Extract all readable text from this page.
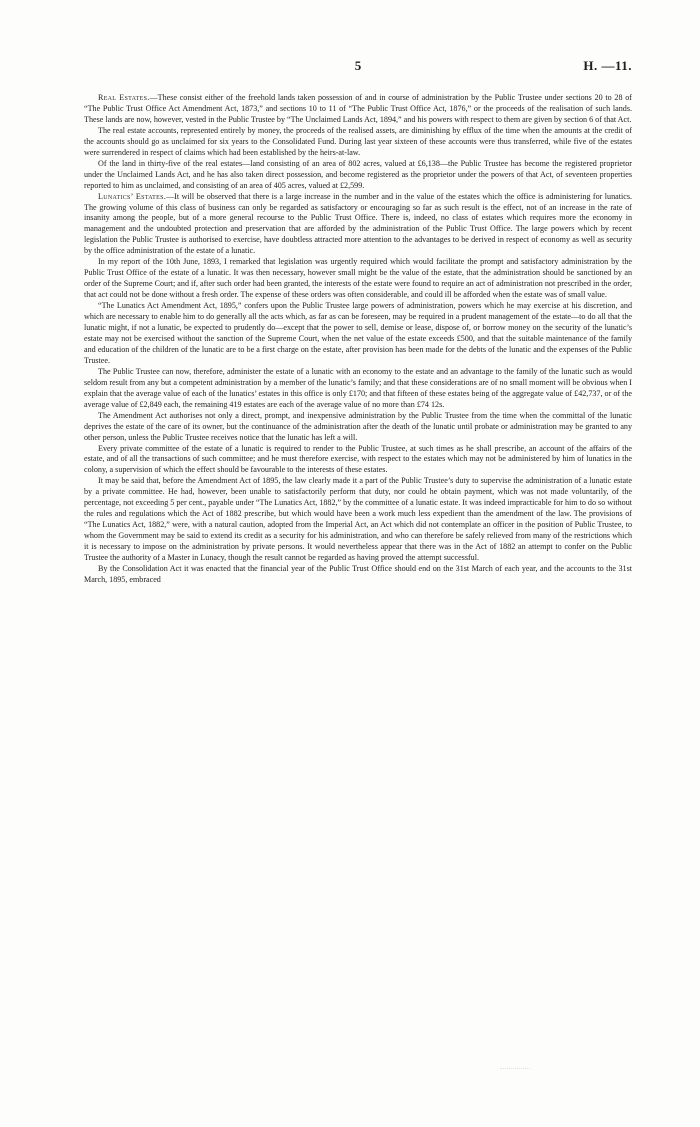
5	H. —11.

Real Estates.—These consist either of the freehold lands taken possession of and in course of administration by the Public Trustee under sections 20 to 28 of “The Public Trust Office Act Amendment Act, 1873,” and sections 10 to 11 of “The Public Trust Office Act, 1876,” or the proceeds of the realisation of such lands. These lands are now, however, vested in the Public Trustee by “The Unclaimed Lands Act, 1894,” and his powers with respect to them are given by section 6 of that Act.

The real estate accounts, represented entirely by money, the proceeds of the realised assets, are diminishing by efflux of the time when the amounts at the credit of the accounts should go as unclaimed for six years to the Consolidated Fund. During last year sixteen of these accounts were thus transferred, while five of the estates were surrendered in respect of claims which had been established by the heirs-at-law.

Of the land in thirty-five of the real estates—land consisting of an area of 802 acres, valued at £6,138—the Public Trustee has become the registered proprietor under the Unclaimed Lands Act, and he has also taken direct possession, and become registered as the proprietor under the powers of that Act, of seventeen properties reported to him as unclaimed, and consisting of an area of 405 acres, valued at £2,599.

Lunatics’ Estates.—It will be observed that there is a large increase in the number and in the value of the estates which the office is administering for lunatics. The growing volume of this class of business can only be regarded as satisfactory or encouraging so far as such result is the effect, not of an increase in the rate of insanity among the people, but of a more general recourse to the Public Trust Office. There is, indeed, no class of estates which requires more the economy in management and the undoubted protection and preservation that are afforded by the administration of the Public Trust Office. The large powers which by recent legislation the Public Trustee is authorised to exercise, have doubtless attracted more attention to the advantages to be derived in respect of economy as well as security by the office administration of the estate of a lunatic.

In my report of the 10th June, 1893, I remarked that legislation was urgently required which would facilitate the prompt and satisfactory administration by the Public Trust Office of the estate of a lunatic. It was then necessary, however small might be the value of the estate, that the administration should be sanctioned by an order of the Supreme Court; and if, after such order had been granted, the interests of the estate were found to require an act of administration not prescribed in the order, that act could not be done without a fresh order. The expense of these orders was often considerable, and could ill be afforded when the estate was of small value.

“The Lunatics Act Amendment Act, 1895,” confers upon the Public Trustee large powers of administration, powers which he may exercise at his discretion, and which are necessary to enable him to do generally all the acts which, as far as can be foreseen, may be required in a prudent management of the estate—to do all that the lunatic might, if not a lunatic, be expected to prudently do—except that the power to sell, demise or lease, dispose of, or borrow money on the security of the lunatic’s estate may not be exercised without the sanction of the Supreme Court, when the net value of the estate exceeds £500, and that the suitable maintenance of the family and education of the children of the lunatic are to be a first charge on the estate, after provision has been made for the debts of the lunatic and the expenses of the Public Trustee.

The Public Trustee can now, therefore, administer the estate of a lunatic with an economy to the estate and an advantage to the family of the lunatic such as would seldom result from any but a competent administration by a member of the lunatic’s family; and that these considerations are of no small moment will be obvious when I explain that the average value of each of the lunatics’ estates in this office is only £170; and that fifteen of these estates being of the aggregate value of £42,737, or of the average value of £2,849 each, the remaining 419 estates are each of the average value of no more than £74 12s.

The Amendment Act authorises not only a direct, prompt, and inexpensive administration by the Public Trustee from the time when the committal of the lunatic deprives the estate of the care of its owner, but the continuance of the administration after the death of the lunatic until probate or administration may be granted to any other person, unless the Public Trustee receives notice that the lunatic has left a will.

Every private committee of the estate of a lunatic is required to render to the Public Trustee, at such times as he shall prescribe, an account of the affairs of the estate, and of all the transactions of such committee; and he must therefore exercise, with respect to the estates which may not be administered by him of lunatics in the colony, a supervision of which the effect should be favourable to the interests of these estates.

It may be said that, before the Amendment Act of 1895, the law clearly made it a part of the Public Trustee’s duty to supervise the administration of a lunatic estate by a private committee. He had, however, been unable to satisfactorily perform that duty, nor could he obtain payment, which was not made voluntarily, of the percentage, not exceeding 5 per cent., payable under “The Lunatics Act, 1882,” by the committee of a lunatic estate. It was indeed impracticable for him to do so without the rules and regulations which the Act of 1882 prescribe, but which would have been a work much less expedient than the amendment of the law. The provisions of “The Lunatics Act, 1882,” were, with a natural caution, adopted from the Imperial Act, an Act which did not contemplate an officer in the position of Public Trustee, to whom the Government may be said to extend its credit as a security for his administration, and who can therefore be safely relieved from many of the restrictions which it is necessary to impose on the administration by private persons. It would nevertheless appear that there was in the Act of 1882 an attempt to confer on the Public Trustee the authority of a Master in Lunacy, though the result cannot be regarded as having proved the attempt successful.

By the Consolidation Act it was enacted that the financial year of the Public Trust Office should end on the 31st March of each year, and the accounts to the 31st March, 1895, embraced
